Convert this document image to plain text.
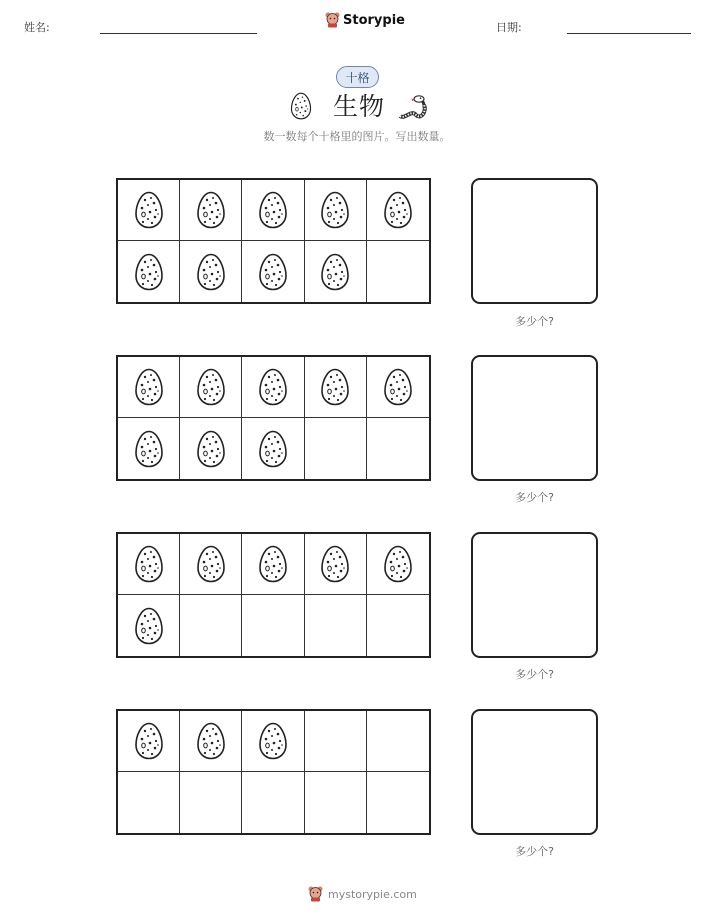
姓名:	Storypie	日期:
十格
生物
数一数每个十格里的图片。写出数量。
多少个?
多少个?
多少个?
多少个?
mystorypie.com
